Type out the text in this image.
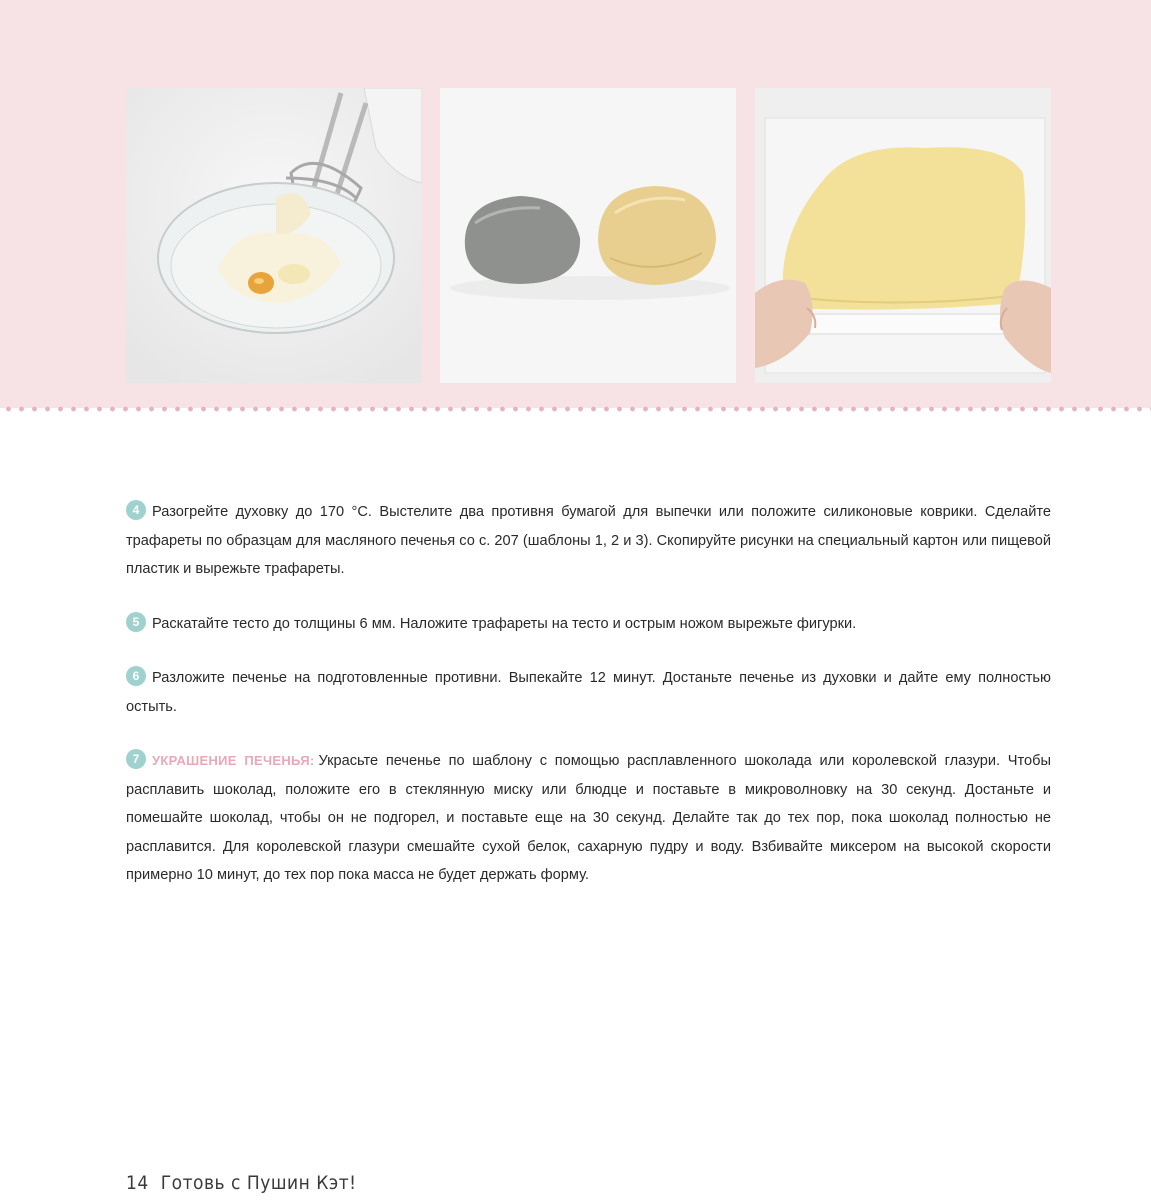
4 Разогрейте духовку до 170 °С. Выстелите два противня бумагой для выпечки или положите силиконовые коврики. Сделайте трафареты по образцам для масляного печенья со с. 207 (шаблоны 1, 2 и 3). Скопируйте рисунки на специальный картон или пищевой пластик и вырежьте трафареты.

5 Раскатайте тесто до толщины 6 мм. Наложите трафареты на тесто и острым ножом вырежьте фигурки.

6 Разложите печенье на подготовленные противни. Выпекайте 12 минут. Достаньте печенье из духовки и дайте ему полностью остыть.

7 УКРАШЕНИЕ ПЕЧЕНЬЯ: Украсьте печенье по шаблону с помощью расплавленного шоколада или королевской глазури. Чтобы расплавить шоколад, положите его в стеклянную миску или блюдце и поставьте в микроволновку на 30 секунд. Достаньте и помешайте шоколад, чтобы он не подгорел, и поставьте еще на 30 секунд. Делайте так до тех пор, пока шоколад полностью не расплавится. Для королевской глазури смешайте сухой белок, сахарную пудру и воду. Взбивайте миксером на высокой скорости примерно 10 минут, до тех пор пока масса не будет держать форму.

14 Готовь с Пушин Кэт!
